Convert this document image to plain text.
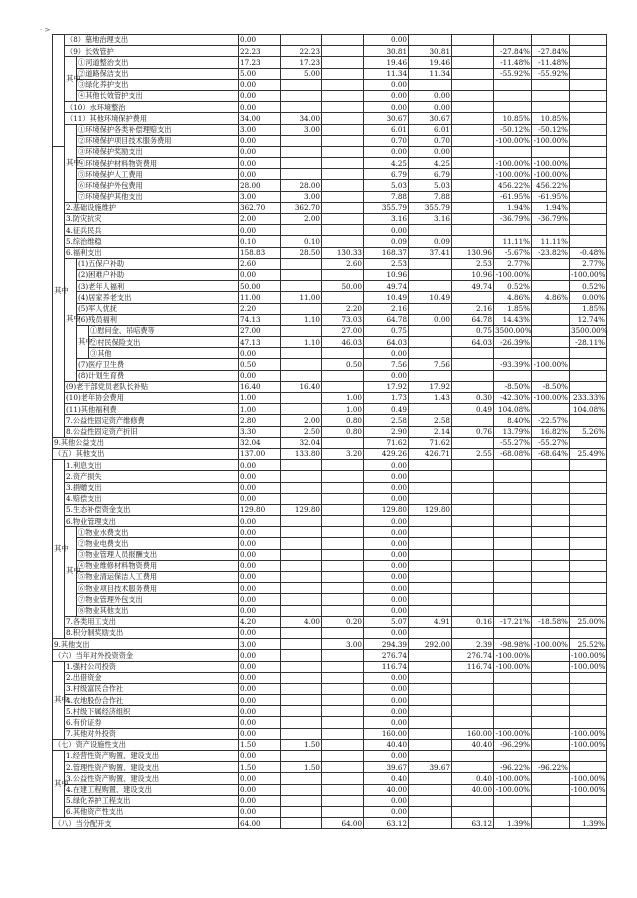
· >
	（8）墓地治理支出			0.00			0.00					
	（9）长效管护			22.23	22.23		30.81	30.81		-27.84%	-27.84%	
	其中	①河道整治支出		17.23	17.23		19.46	19.46		-11.48%	-11.48%	
		②道路保洁支出		5.00	5.00		11.34	11.34		-55.92%	-55.92%	
		③绿化养护支出		0.00			0.00					
		④其他长效管护支出		0.00			0.00	0.00				
	（10）水环境整治			0.00			0.00	0.00				
	（11）其他环境保护费用			34.00	34.00		30.67	30.67		10.85%	10.85%	
	其中	①环境保护各类补偿理赔支出		3.00	3.00		6.01	6.01		-50.12%	-50.12%	
		②环境保护项目技术服务费用		0.00			0.70	0.70		-100.00%	-100.00%	
其中		③环境保护奖励支出		0.00			0.00	0.00				
		④环境保护材料物资费用		0.00			4.25	4.25		-100.00%	-100.00%	
		⑤环境保护人工费用		0.00			6.79	6.79		-100.00%	-100.00%	
		⑥环境保护外包费用		28.00	28.00		5.03	5.03		456.22%	456.22%	
		⑦环境保护其他支出		3.00	3.00		7.88	7.88		-61.95%	-61.95%	
	2.基础设施维护			362.70	362.70		355.79	355.79		1.94%	1.94%	
	3.防灾抗灾			2.00	2.00		3.16	3.16		-36.79%	-36.79%	
	4.征兵民兵			0.00			0.00					
	5.综治维稳			0.10	0.10		0.09	0.09		11.11%	11.11%	
	6.福利支出			158.83	28.50	130.33	168.37	37.41	130.96	-5.67%	-23.82%	-0.48%
	其中	(1)五保户补助		2.60		2.60	2.53		2.53	2.77%		2.77%
		(2)困难户补助		0.00			10.96		10.96	-100.00%		-100.00%
		(3)老年人福利		50.00		50.00	49.74		49.74	0.52%		0.52%
		(4)居家养老支出		11.00	11.00		10.49	10.49		4.86%	4.86%	0.00%
		(5)军人优抚		2.20		2.20	2.16		2.16	1.85%		1.85%
		(6)残员福利		74.13	1.10	73.03	64.78	0.00	64.78	14.43%		12.74%
		其中	①慰问金、吊唁费等	27.00		27.00	0.75		0.75	3500.00%		3500.00%
			②村民保险支出	47.13	1.10	46.03	64.03		64.03	-26.39%		-28.11%
			③其他	0.00			0.00					
		(7)医疗卫生费		0.50		0.50	7.56	7.56		-93.39%	-100.00%	
		(8)计划生育费		0.00			0.00					
	(9)老干部党员老队长补贴			16.40	16.40		17.92	17.92		-8.50%	-8.50%	
	(10)老年协会费用			1.00		1.00	1.73	1.43	0.30	-42.30%	-100.00%	233.33%
	(11)其他福利费			1.00		1.00	0.49		0.49	104.08%		104.08%
	7.公益性固定资产维修费			2.80	2.00	0.80	2.58	2.58		8.40%	-22.57%	
	8.公益性固定资产折旧			3.30	2.50	0.80	2.90	2.14	0.76	13.79%	16.82%	5.26%
9.其他公益支出				32.04	32.04		71.62	71.62		-55.27%	-55.27%	
（五）其他支出				137.00	133.80	3.20	429.26	426.71	2.55	-68.08%	-68.64%	25.49%
其中	1.利息支出			0.00			0.00					
	2.资产损失			0.00			0.00					
	3.捐赠支出			0.00			0.00					
	4.赔偿支出			0.00			0.00					
	5.生态补偿资金支出			129.80	129.80		129.80	129.80				
	6.物业管理支出			0.00			0.00					
	其中	①物业水费支出		0.00			0.00					
		②物业电费支出		0.00			0.00					
		③物业管理人员报酬支出		0.00			0.00					
		④物业维修材料物资费用		0.00			0.00					
		⑤物业清运保洁人工费用		0.00			0.00					
		⑥物业项目技术服务费用		0.00			0.00					
		⑦物业管理外包支出		0.00			0.00					
		⑧物业其他支出		0.00			0.00					
	7.各类用工支出			4.20	4.00	0.20	5.07	4.91	0.16	-17.21%	-18.58%	25.00%
	8.积分制奖励支出			0.00			0.00					
9.其他支出				3.00		3.00	294.39	292.00	2.39	-98.98%	-100.00%	25.52%
（六）当年对外投资资金				0.00			276.74		276.74	-100.00%		-100.00%
其中	1.强村公司投资			0.00			116.74		116.74	-100.00%		-100.00%
	2.出借资金			0.00			0.00					
	3.村级富民合作社			0.00			0.00					
	4.农地股份合作社			0.00			0.00					
	5.村级下属经济组织			0.00			0.00					
	6.有价证券			0.00			0.00					
	7.其他对外投资			0.00			160.00		160.00	-100.00%		-100.00%
（七）资产设施性支出				1.50	1.50		40.40		40.40	-96.29%		-100.00%
其中	1.经营性资产购置、建设支出			0.00			0.00					
	2.管理性资产购置、建设支出			1.50	1.50		39.67	39.67		-96.22%	-96.22%	
	3.公益性资产购置、建设支出			0.00			0.40		0.40	-100.00%		-100.00%
	4.在建工程购置、建设支出			0.00			40.00		40.00	-100.00%		-100.00%
	5.绿化养护工程支出			0.00			0.00					
	6.其他资产性支出			0.00			0.00					
（八）当分配开支				64.00		64.00	63.12		63.12	1.39%		1.39%
